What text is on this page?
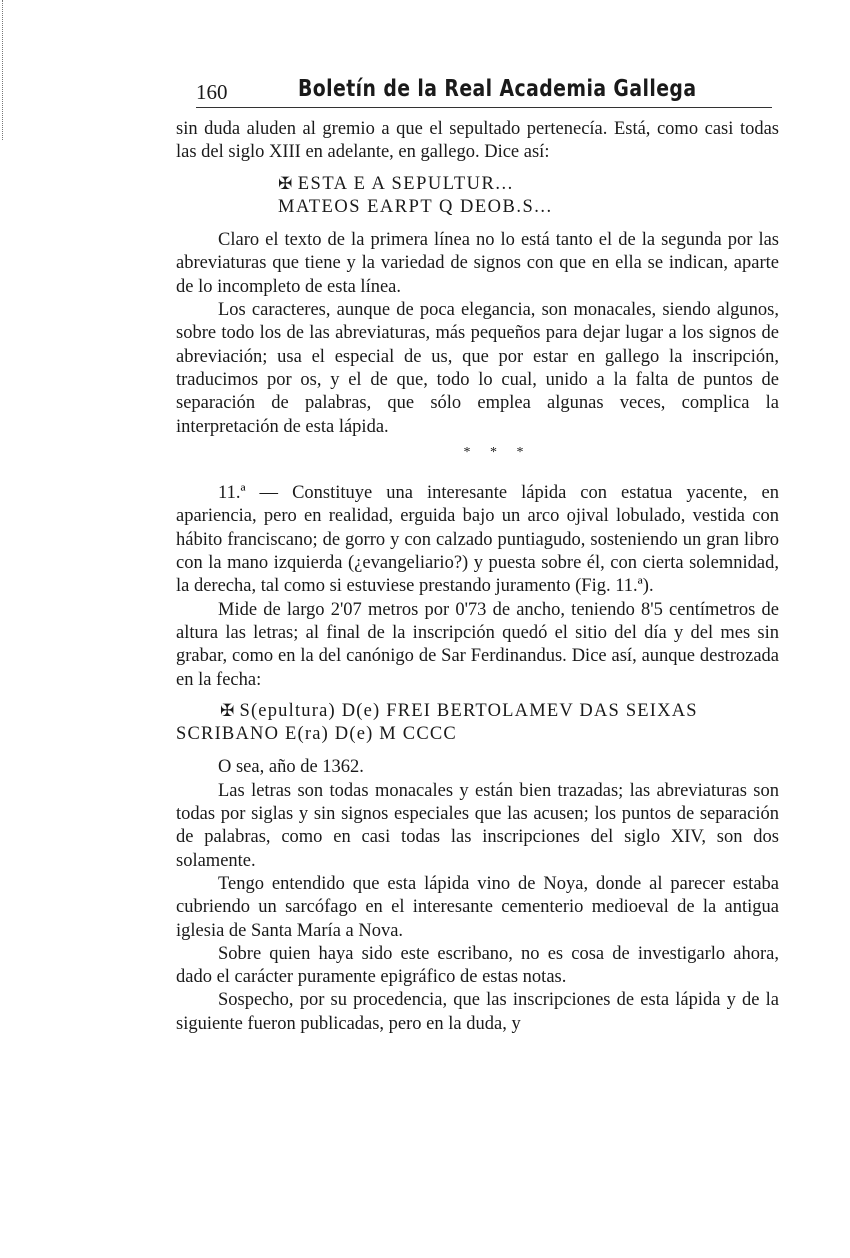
160	Boletín de la Real Academia Gallega

sin duda aluden al gremio a que el sepultado pertenecía. Está, como casi todas las del siglo XIII en adelante, en gallego. Dice así:

✠ ESTA E A SEPULTUR...
MATEOS EARPT Q DEOB.S...

Claro el texto de la primera línea no lo está tanto el de la segunda por las abreviaturas que tiene y la variedad de signos con que en ella se indican, aparte de lo incompleto de esta línea.

Los caracteres, aunque de poca elegancia, son monacales, siendo algunos, sobre todo los de las abreviaturas, más pequeños para dejar lugar a los signos de abreviación; usa el especial de us, que por estar en gallego la inscripción, traducimos por os, y el de que, todo lo cual, unido a la falta de puntos de separación de palabras, que sólo emplea algunas veces, complica la interpretación de esta lápida.

* * *

11.ª — Constituye una interesante lápida con estatua yacente, en apariencia, pero en realidad, erguida bajo un arco ojival lobulado, vestida con hábito franciscano; de gorro y con calzado puntiagudo, sosteniendo un gran libro con la mano izquierda (¿evangeliario?) y puesta sobre él, con cierta solemnidad, la derecha, tal como si estuviese prestando juramento (Fig. 11.ª).

Mide de largo 2'07 metros por 0'73 de ancho, teniendo 8'5 centímetros de altura las letras; al final de la inscripción quedó el sitio del día y del mes sin grabar, como en la del canónigo de Sar Ferdinandus. Dice así, aunque destrozada en la fecha:

✠ S(epultura) D(e) FREI BERTOLAMEV DAS SEIXAS SCRIBANO E(ra) D(e) M CCCC

O sea, año de 1362.

Las letras son todas monacales y están bien trazadas; las abreviaturas son todas por siglas y sin signos especiales que las acusen; los puntos de separación de palabras, como en casi todas las inscripciones del siglo XIV, son dos solamente.

Tengo entendido que esta lápida vino de Noya, donde al parecer estaba cubriendo un sarcófago en el interesante cementerio medioeval de la antigua iglesia de Santa María a Nova.

Sobre quien haya sido este escribano, no es cosa de investigarlo ahora, dado el carácter puramente epigráfico de estas notas.

Sospecho, por su procedencia, que las inscripciones de esta lápida y de la siguiente fueron publicadas, pero en la duda, y
